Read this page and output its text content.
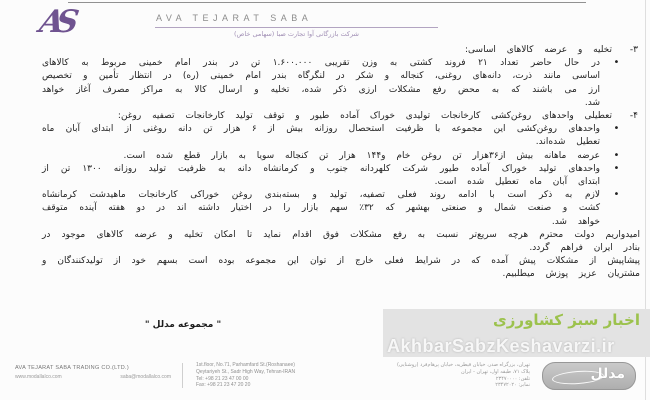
AS	AVA TEJARAT SABA
شرکت بازرگانی آوا تجارت صبا (سهامی خاص)
۳-
تخلیه و عرضه کالاهای اساسی:
•
در حال حاضر تعداد ۲۱ فروند کشتی به وزن تقریبی ۱.۶۰۰.۰۰۰ تن در بندر امام خمینی مربوط به کالاهای اساسی مانند ذرت، دانه‌های روغنی، کنجاله و شکر در لنگرگاه بندر امام خمینی (ره) در انتظار تأمین و تخصیص ارز می باشند که به محض رفع مشکلات ارزی ذکر شده، تخلیه و ارسال کالا به مراکز مصرف آغاز خواهد شد.
۴-
تعطیلی واحدهای روغن‌کشی کارخانجات تولیدی خوراک آماده طیور و توقف تولید کارخانجات تصفیه روغن:
•
واحدهای روغن‌کشی این مجموعه با ظرفیت استحصال روزانه بیش از ۶ هزار تن دانه روغنی از ابتدای آبان ماه تعطیل شده‌اند.
•
عرضه ماهانه بیش از۳۶هزار تن روغن خام و۱۴۴ هزار تن کنجاله سویا به بازار قطع شده است.
•
واحدهای تولید خوراک آماده طیور شرکت کلهردانه جنوب و کرمانشاه دانه به ظرفیت تولید روزانه ۱۳۰۰ تن از ابتدای آبان ماه تعطیل شده است.
•
لازم به ذکر است با ادامه روند فعلی تصفیه، تولید و بسته‌بندی روغن خوراکی کارخانجات ماهیدشت کرمانشاه کشت و صنعت شمال و صنعتی بهشهر که ۳۲٪ سهم بازار را در اختیار داشته اند در دو هفته آینده متوقف خواهد شد.

امیدواریم دولت محترم هرچه سریع‌تر نسبت به رفع مشکلات فوق اقدام نماید تا امکان تخلیه و عرضه کالاهای موجود در بنادر ایران فراهم گردد.

پیشاپیش از مشکلات پیش آمده که در شرایط فعلی خارج از توان این مجموعه بوده است بسهم خود از تولیدکنندگان و مشتریان عزیز پوزش میطلبیم.

" مجموعه مدلل "	اخبار سبز کشاورزی
AkhbarSabzKeshavarzi.ir
AVA TEJARAT SABA TRADING CO.(LTD.)
www.modallalco.com	saba@modallalco.com
1st.floor, No.71, Parhamfard St.(Roshanaee)
Qeytariyeh St., Sadr High Way, Tehran-IRAN
Tel: +98 21 23 47 00 00
Fax: +98 21 23 47 20 20
تهران، بزرگراه صدر، خیابان قیطریه، خیابان پرهام‌فرد (روشنایی)
پلاک ۷۱، طبقه اول، تهران - ایران
تلفن: ۲۳۴۷۰۰۰۰
نمابر: ۲۳۴۷۲۰۲۰
مدلل
